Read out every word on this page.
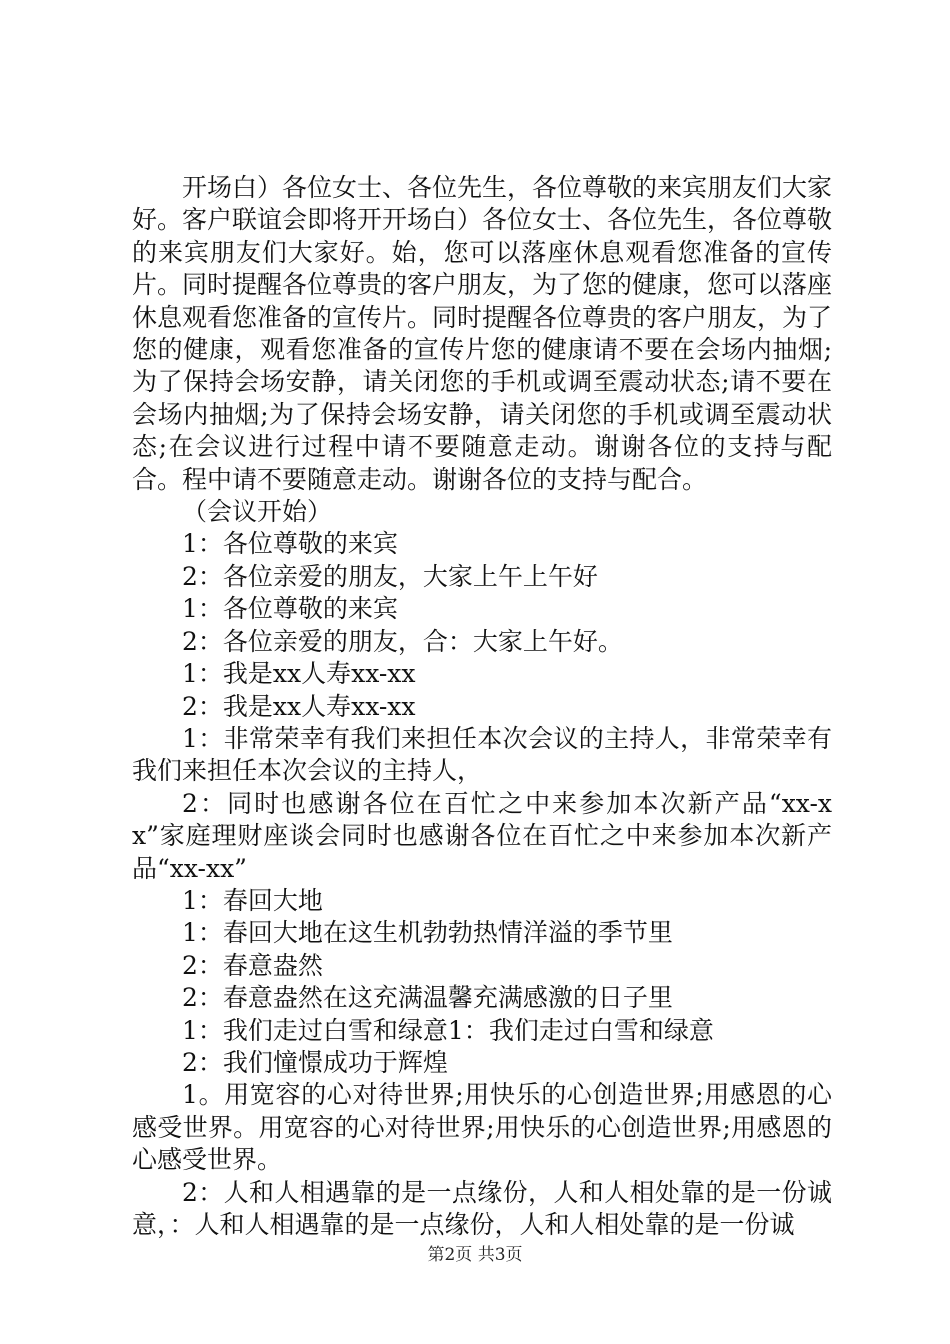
开场白）各位女士、各位先生，各位尊敬的来宾朋友们大家好。客户联谊会即将开开场白）各位女士、各位先生，各位尊敬的来宾朋友们大家好。始，您可以落座休息观看您准备的宣传片。同时提醒各位尊贵的客户朋友，为了您的健康，您可以落座休息观看您准备的宣传片。同时提醒各位尊贵的客户朋友，为了您的健康，观看您准备的宣传片您的健康请不要在会场内抽烟;为了保持会场安静，请关闭您的手机或调至震动状态;请不要在会场内抽烟;为了保持会场安静，请关闭您的手机或调至震动状态;在会议进行过程中请不要随意走动。谢谢各位的支持与配合。程中请不要随意走动。谢谢各位的支持与配合。

（会议开始）

1：各位尊敬的来宾

2：各位亲爱的朋友，大家上午上午好

1：各位尊敬的来宾

2：各位亲爱的朋友，合：大家上午好。

1：我是xx人寿xx-xx

2：我是xx人寿xx-xx

1：非常荣幸有我们来担任本次会议的主持人，非常荣幸有我们来担任本次会议的主持人，

2：同时也感谢各位在百忙之中来参加本次新产品“xx-xx”家庭理财座谈会同时也感谢各位在百忙之中来参加本次新产品“xx-xx”

1：春回大地

1：春回大地在这生机勃勃热情洋溢的季节里

2：春意盎然

2：春意盎然在这充满温馨充满感激的日子里

1：我们走过白雪和绿意1：我们走过白雪和绿意

2：我们憧憬成功于辉煌

1。用宽容的心对待世界;用快乐的心创造世界;用感恩的心感受世界。用宽容的心对待世界;用快乐的心创造世界;用感恩的心感受世界。

2：人和人相遇靠的是一点缘份，人和人相处靠的是一份诚意，：人和人相遇靠的是一点缘份，人和人相处靠的是一份诚

第2页 共3页
